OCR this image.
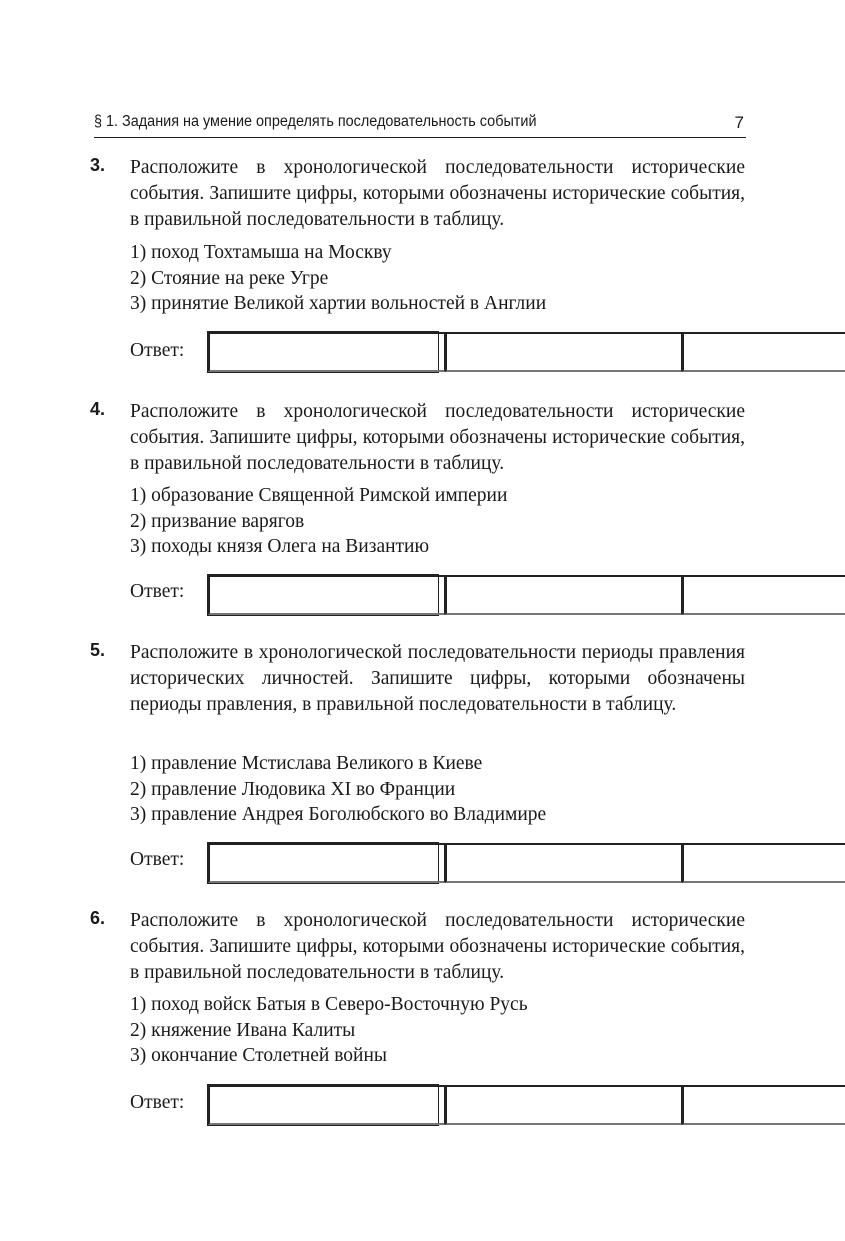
§ 1. Задания на умение определять последовательность событий	7
3. Расположите в хронологической последовательности исторические события. Запишите цифры, которыми обозначены исторические события, в правильной последовательности в таблицу.

1) поход Тохтамыша на Москву
2) Стояние на реке Угре
3) принятие Великой хартии вольностей в Англии
Ответ:
4. Расположите в хронологической последовательности исторические события. Запишите цифры, которыми обозначены исторические события, в правильной последовательности в таблицу.

1) образование Священной Римской империи
2) призвание варягов
3) походы князя Олега на Византию
Ответ:
5. Расположите в хронологической последовательности периоды правления исторических личностей. Запишите цифры, которыми обозначены периоды правления, в правильной последовательности в таблицу.

1) правление Мстислава Великого в Киеве
2) правление Людовика XI во Франции
3) правление Андрея Боголюбского во Владимире
Ответ:
6. Расположите в хронологической последовательности исторические события. Запишите цифры, которыми обозначены исторические события, в правильной последовательности в таблицу.

1) поход войск Батыя в Северо-Восточную Русь
2) княжение Ивана Калиты
3) окончание Столетней войны
Ответ:
